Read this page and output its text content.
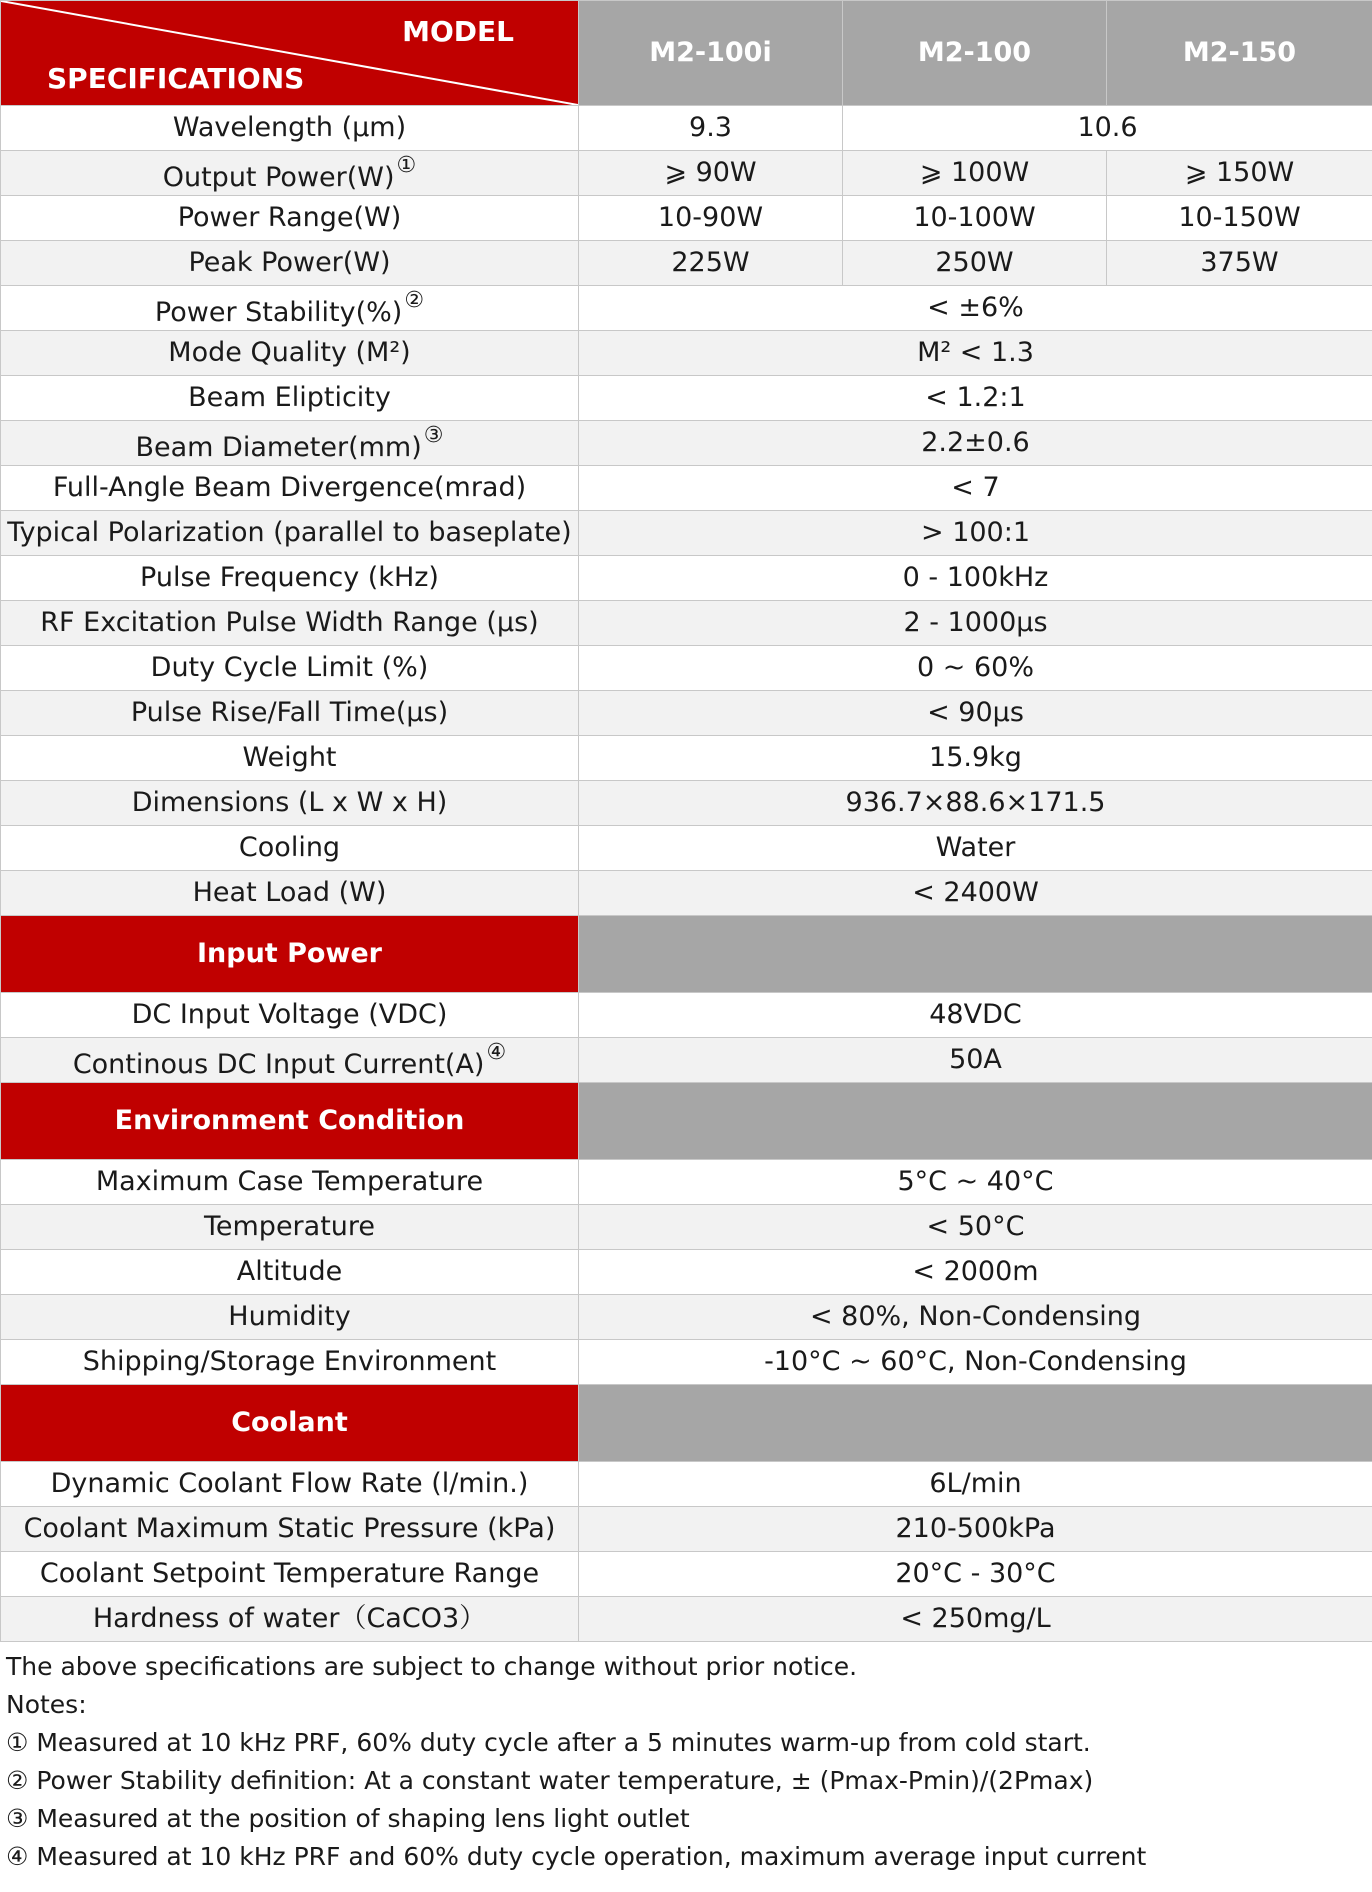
MODEL
SPECIFICATIONS	M2-100i	M2-100	M2-150
Wavelength (μm)	9.3	10.6	
Output Power(W)①	⩾ 90W	⩾ 100W	⩾ 150W
Power Range(W)	10-90W	10-100W	10-150W
Peak Power(W)	225W	250W	375W
Power Stability(%)②	< ±6%		
Mode Quality (M²)	M² < 1.3		
Beam Elipticity	< 1.2:1		
Beam Diameter(mm)③	2.2±0.6		
Full-Angle Beam Divergence(mrad)	< 7		
Typical Polarization (parallel to baseplate)	> 100:1		
Pulse Frequency (kHz)	0 - 100kHz		
RF Excitation Pulse Width Range (μs)	2 - 1000μs		
Duty Cycle Limit (%)	0 ~ 60%		
Pulse Rise/Fall Time(μs)	< 90μs		
Weight	15.9kg		
Dimensions (L x W x H)	936.7×88.6×171.5		
Cooling	Water		
Heat Load (W)	< 2400W		
Input Power			
DC Input Voltage (VDC)	48VDC		
Continous DC Input Current(A)④	50A		
Environment Condition			
Maximum Case Temperature	5°C ~ 40°C		
Temperature	< 50°C		
Altitude	< 2000m		
Humidity	< 80%, Non-Condensing		
Shipping/Storage Environment	-10°C ~ 60°C, Non-Condensing		
Coolant			
Dynamic Coolant Flow Rate (l/min.)	6L/min		
Coolant Maximum Static Pressure (kPa)	210-500kPa		
Coolant Setpoint Temperature Range	20°C - 30°C		
Hardness of water（CaCO3）	< 250mg/L		
The above specifications are subject to change without prior notice.
Notes:
① Measured at 10 kHz PRF, 60% duty cycle after a 5 minutes warm-up from cold start.
② Power Stability definition: At a constant water temperature, ± (Pmax-Pmin)/(2Pmax)
③ Measured at the position of shaping lens light outlet
④ Measured at 10 kHz PRF and 60% duty cycle operation, maximum average input current
